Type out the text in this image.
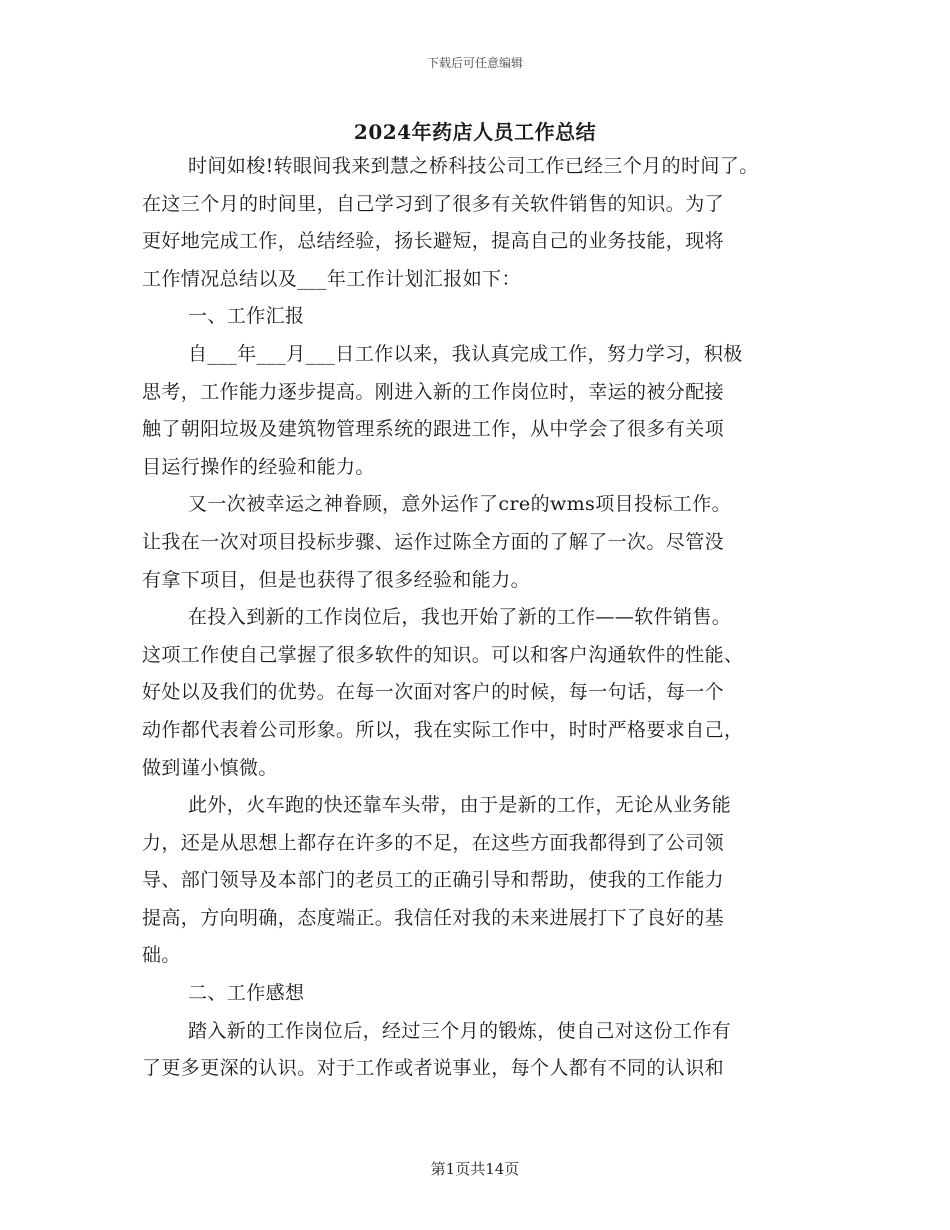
下载后可任意编辑
2024年药店人员工作总结
时间如梭!转眼间我来到慧之桥科技公司工作已经三个月的时间了。
在这三个月的时间里，自己学习到了很多有关软件销售的知识。为了
更好地完成工作，总结经验，扬长避短，提高自己的业务技能，现将
工作情况总结以及___年工作计划汇报如下：
一、工作汇报
自___年___月___日工作以来，我认真完成工作，努力学习，积极
思考，工作能力逐步提高。刚进入新的工作岗位时，幸运的被分配接
触了朝阳垃圾及建筑物管理系统的跟进工作，从中学会了很多有关项
目运行操作的经验和能力。
又一次被幸运之神眷顾，意外运作了cre的wms项目投标工作。
让我在一次对项目投标步骤、运作过陈全方面的了解了一次。尽管没
有拿下项目，但是也获得了很多经验和能力。
在投入到新的工作岗位后，我也开始了新的工作——软件销售。
这项工作使自己掌握了很多软件的知识。可以和客户沟通软件的性能、
好处以及我们的优势。在每一次面对客户的时候，每一句话，每一个
动作都代表着公司形象。所以，我在实际工作中，时时严格要求自己，
做到谨小慎微。
此外，火车跑的快还靠车头带，由于是新的工作，无论从业务能
力，还是从思想上都存在许多的不足，在这些方面我都得到了公司领
导、部门领导及本部门的老员工的正确引导和帮助，使我的工作能力
提高，方向明确，态度端正。我信任对我的未来进展打下了良好的基
础。
二、工作感想
踏入新的工作岗位后，经过三个月的锻炼，使自己对这份工作有
了更多更深的认识。对于工作或者说事业，每个人都有不同的认识和
第1页共14页
